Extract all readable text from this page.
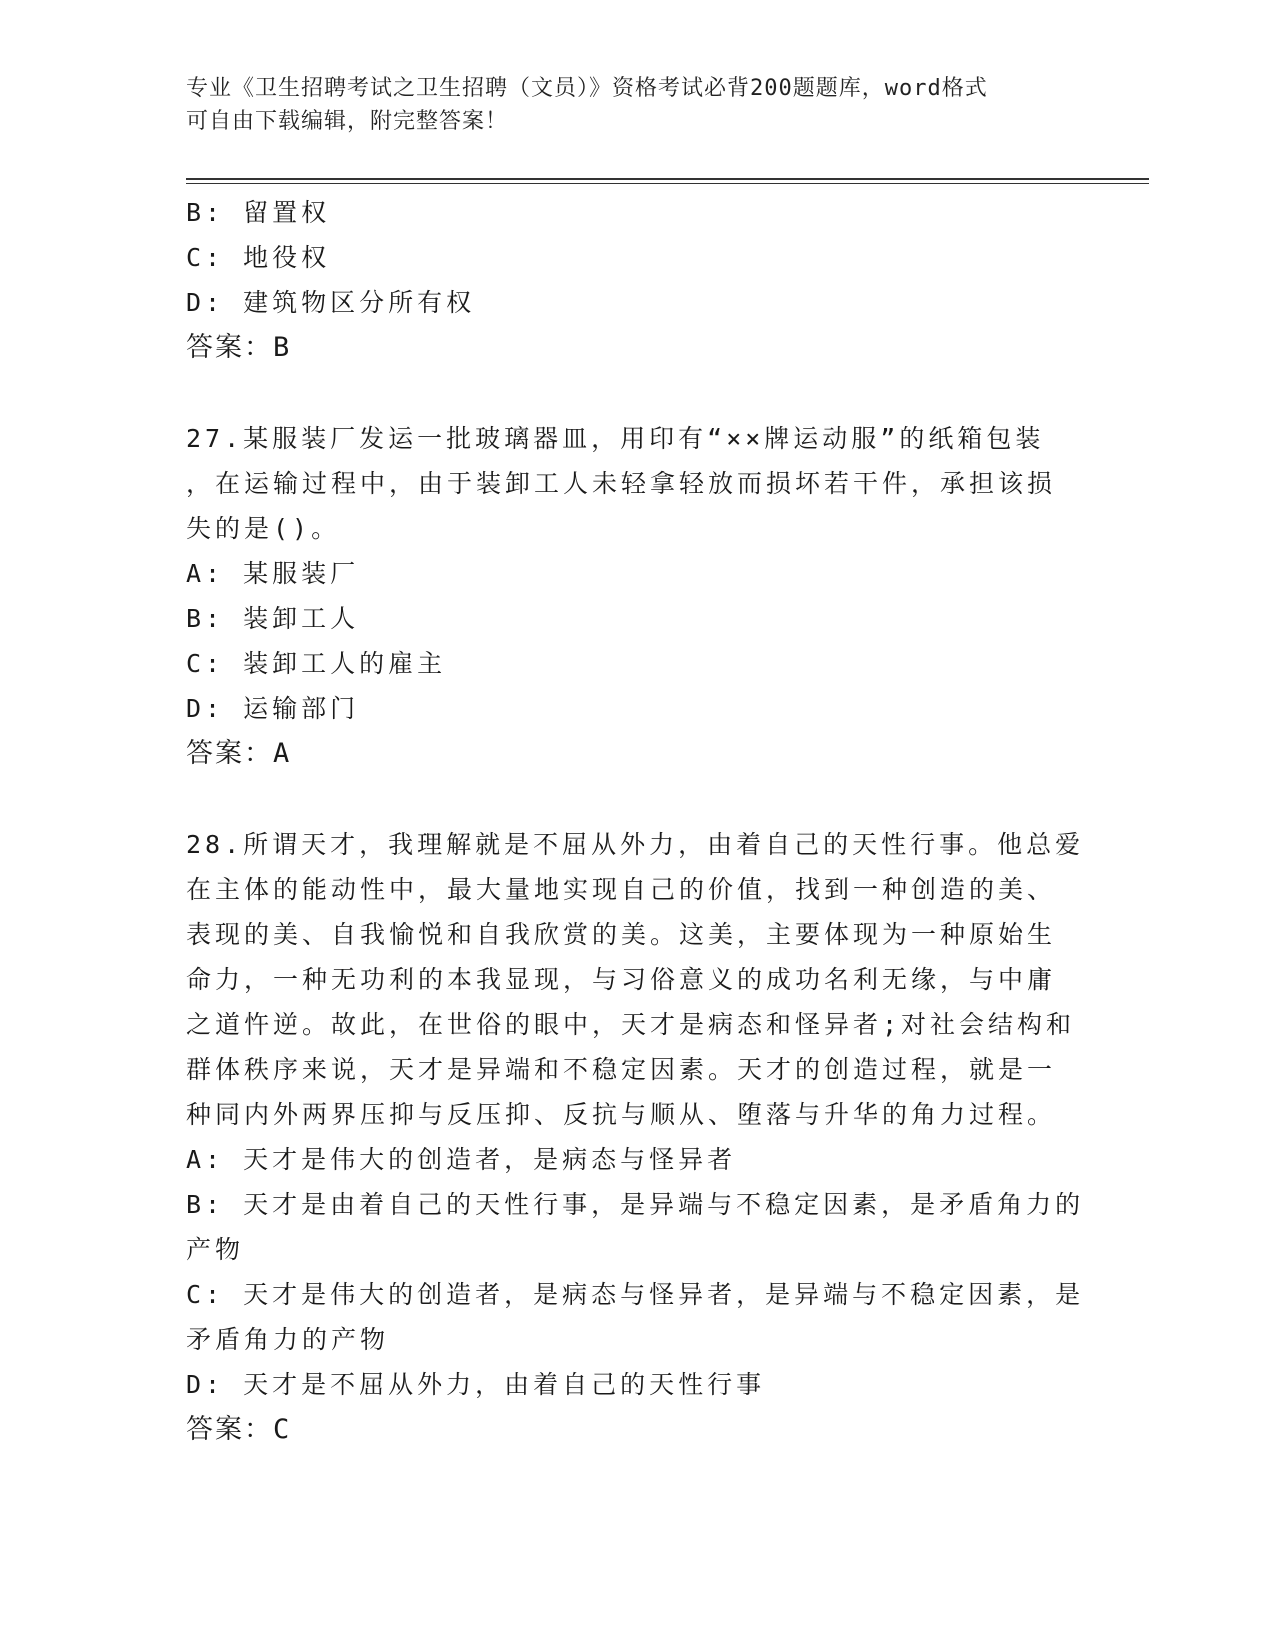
专业《卫生招聘考试之卫生招聘（文员）》资格考试必背200题题库，word格式
可自由下载编辑，附完整答案！
B: 留置权
C: 地役权
D: 建筑物区分所有权
答案：B
27.某服装厂发运一批玻璃器皿，用印有“××牌运动服”的纸箱包装
，在运输过程中，由于装卸工人未轻拿轻放而损坏若干件，承担该损
失的是()。
A: 某服装厂
B: 装卸工人
C: 装卸工人的雇主
D: 运输部门
答案：A
28.所谓天才，我理解就是不屈从外力，由着自己的天性行事。他总爱
在主体的能动性中，最大量地实现自己的价值，找到一种创造的美、
表现的美、自我愉悦和自我欣赏的美。这美，主要体现为一种原始生
命力，一种无功利的本我显现，与习俗意义的成功名利无缘，与中庸
之道忤逆。故此，在世俗的眼中，天才是病态和怪异者;对社会结构和
群体秩序来说，天才是异端和不稳定因素。天才的创造过程，就是一
种同内外两界压抑与反压抑、反抗与顺从、堕落与升华的角力过程。
A: 天才是伟大的创造者，是病态与怪异者
B: 天才是由着自己的天性行事，是异端与不稳定因素，是矛盾角力的
产物
C: 天才是伟大的创造者，是病态与怪异者，是异端与不稳定因素，是
矛盾角力的产物
D: 天才是不屈从外力，由着自己的天性行事
答案：C
